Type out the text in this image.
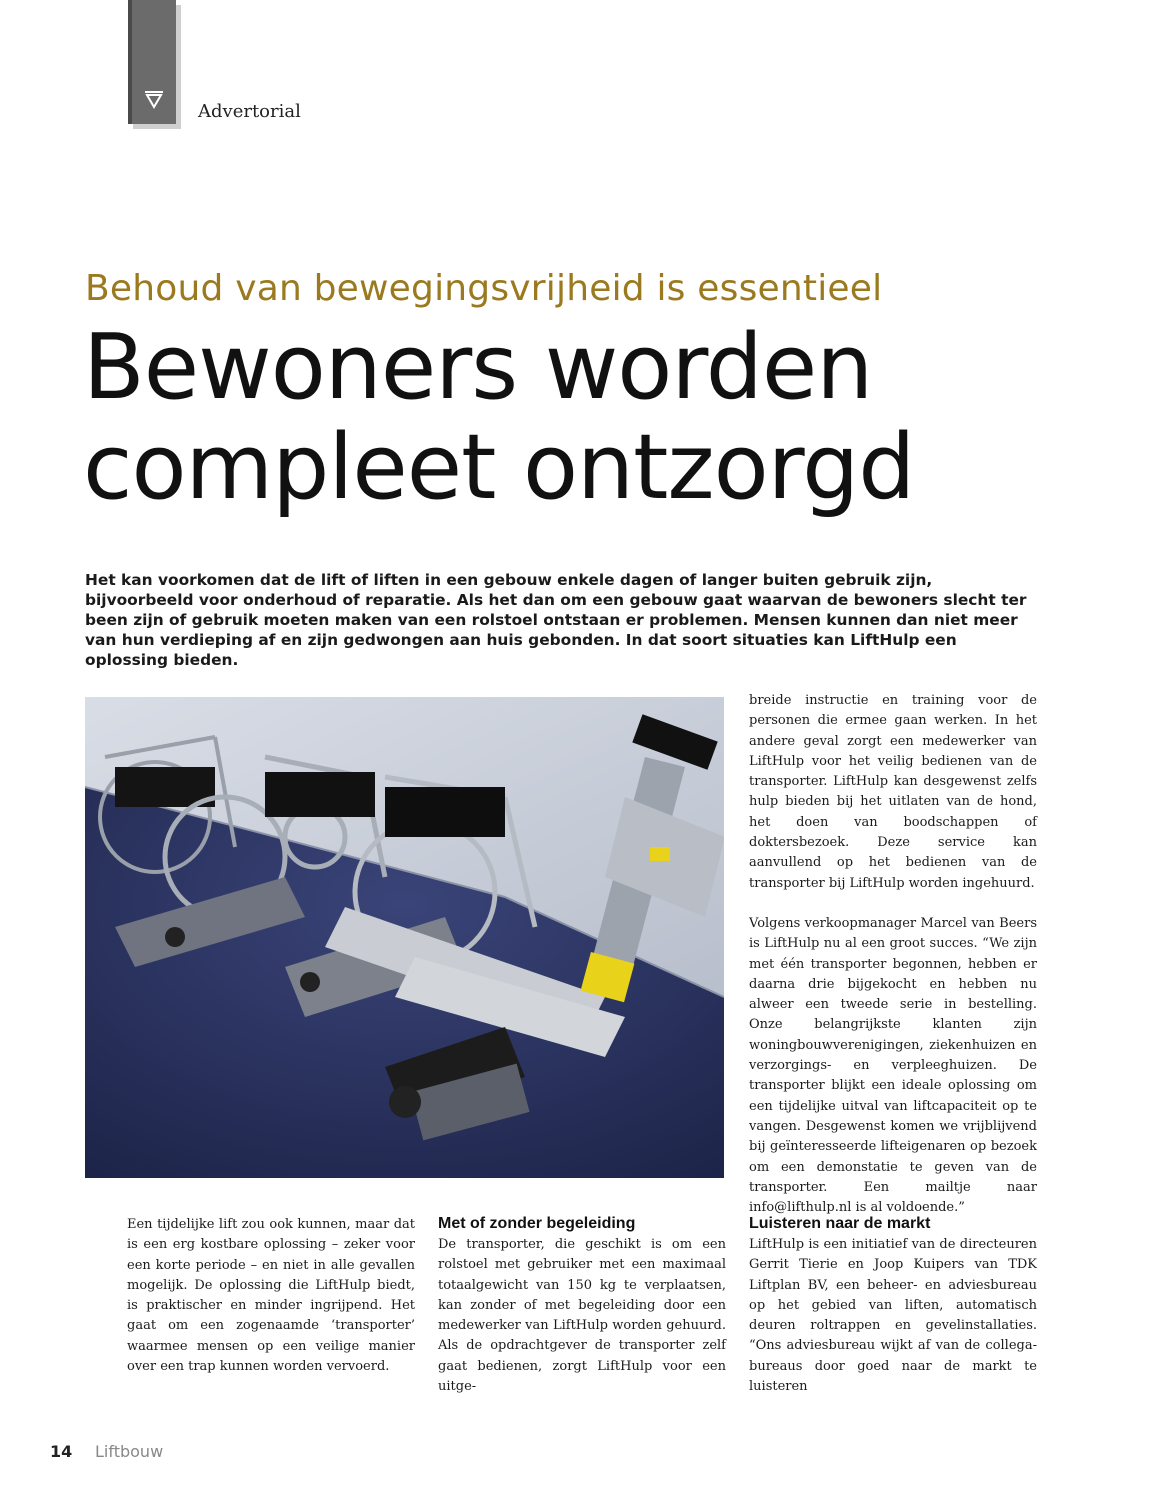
Advertorial
Behoud van bewegingsvrijheid is essentieel
Bewoners worden
compleet ontzorgd

Het kan voorkomen dat de lift of liften in een gebouw enkele dagen of langer buiten gebruik zijn, bijvoorbeeld voor onderhoud of reparatie. Als het dan om een gebouw gaat waarvan de bewoners slecht ter been zijn of gebruik moeten maken van een rolstoel ontstaan er problemen. Mensen kunnen dan niet meer van hun verdieping af en zijn gedwongen aan huis gebonden. In dat soort situaties kan LiftHulp een oplossing bieden.

Een tijdelijke lift zou ook kunnen, maar dat is een erg kostbare oplossing – zeker voor een korte periode – en niet in alle gevallen mogelijk. De oplossing die LiftHulp biedt, is praktischer en minder ingrijpend. Het gaat om een zogenaamde ‘transporter’ waarmee mensen op een veilige manier over een trap kunnen worden vervoerd.

Met of zonder begeleiding

De transporter, die geschikt is om een rolstoel met gebruiker met een maximaal totaalgewicht van 150 kg te verplaatsen, kan zonder of met begeleiding door een medewerker van LiftHulp worden gehuurd. Als de opdrachtgever de transporter zelf gaat bedienen, zorgt LiftHulp voor een uitge-

breide instructie en training voor de personen die ermee gaan werken. In het andere geval zorgt een medewerker van LiftHulp voor het veilig bedienen van de transporter. LiftHulp kan desgewenst zelfs hulp bieden bij het uitlaten van de hond, het doen van boodschappen of doktersbezoek. Deze service kan aanvullend op het bedienen van de transporter bij LiftHulp worden ingehuurd.

Volgens verkoopmanager Marcel van Beers is LiftHulp nu al een groot succes. “We zijn met één transporter begonnen, hebben er daarna drie bijgekocht en hebben nu alweer een tweede serie in bestelling. Onze belangrijkste klanten zijn woningbouwverenigingen, ziekenhuizen en verzorgings- en verpleeghuizen. De transporter blijkt een ideale oplossing om een tijdelijke uitval van liftcapaciteit op te vangen. Desgewenst komen we vrijblijvend bij geïnteresseerde lifteigenaren op bezoek om een demonstatie te geven van de transporter. Een mailtje naar info@lifthulp.nl is al voldoende.”

Luisteren naar de markt

LiftHulp is een initiatief van de directeuren Gerrit Tierie en Joop Kuipers van TDK Liftplan BV, een beheer- en adviesbureau op het gebied van liften, automatisch deuren roltrappen en gevelinstallaties. “Ons adviesbureau wijkt af van de collega-bureaus door goed naar de markt te luisteren

14 Liftbouw
